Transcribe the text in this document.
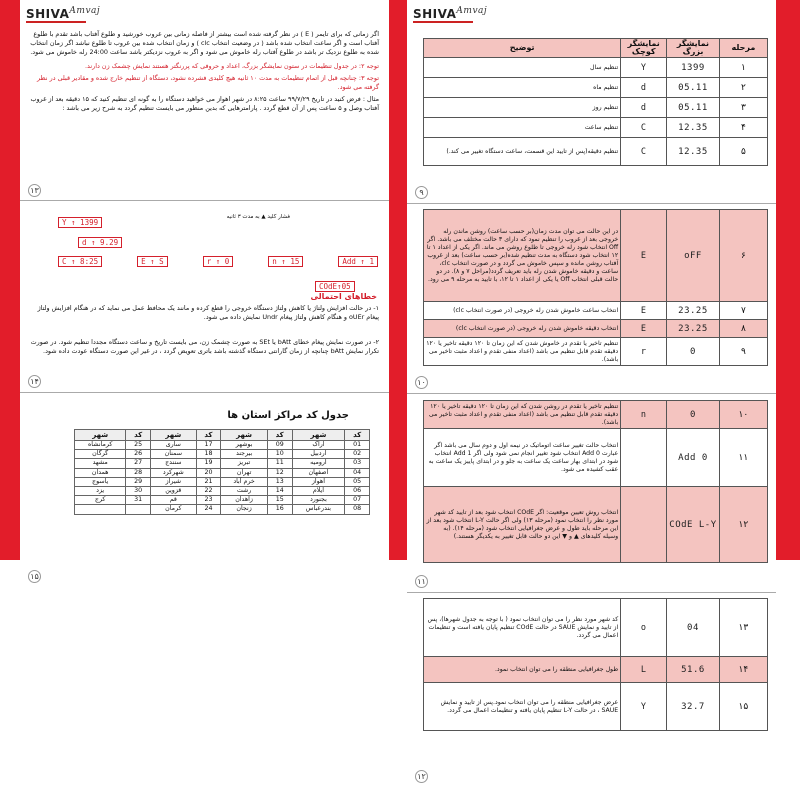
$SHIVA^{Amvaj}$

اگر زمانی که برای تایمر ( E ) در نظر گرفته شده است بیشتر از فاصله زمانی بین غروب خورشید و طلوع آفتاب باشد تقدم با طلوع آفتاب است و اگر ساعت انتخاب شده باشد ( در وضعیت انتخاب clc ) و زمان انتخاب شده بین غروب تا طلوع نباشد اگر زمان انتخاب شده به طلوع نزدیک تر باشد در طلوع آفتاب رله خاموش می شود و اگر به غروب نزدیکتر باشد ساعت 24:00 رله خاموش می شود.

توجه ۲: در جدول تنظیمات در ستون نمایشگر بزرگ، اعداد و حروفی که پررنگتر هستند نمایش چشمک زن دارند.

توجه ۳: چنانچه قبل از اتمام تنظیمات به مدت ۱۰ ثانیه هیچ کلیدی فشرده نشود، دستگاه از تنظیم خارج شده و مقادیر قبلی در نظر گرفته می شود.

مثال : فرض کنید در تاریخ ۹۹/۷/۲۹ ساعت ۸:۲۵ در شهر اهواز می خواهید دستگاه را به گونه ای تنظیم کنید که ۱۵ دقیقه بعد از غروب آفتاب وصل و ۵ ساعت پس از آن قطع گردد . پارامترهایی که بدین منظور می بایست تنظیم گردد به شرح زیر می باشد :

۱۳
فشار کلید ▲ به مدت ۳ ثانیه
Y ↑ 1399
d ↑ 9.29
C ↑ 8:25	E ↑ S	r ↑ 0	n ↑ 15	Add ↑ 1
COdE↑05
خطاهای احتمالی

۱- در حالت افزایش ولتاژ یا کاهش ولتاژ دستگاه خروجی را قطع کرده و مانند یک محافظ عمل می نماید که در هنگام افزایش ولتاژ پیغام oUEr و هنگام کاهش ولتاژ پیغام Undr نمایش داده می شود.

۲- در صورت نمایش پیغام خطای bAtt یا SEt به صورت چشمک زن، می بایست تاریخ و ساعت دستگاه مجددا تنظیم شود. در صورت تکرار نمایش bAtt چنانچه از زمان گارانتی دستگاه گذشته باشد باتری تعویض گردد ، در غیر این صورت دستگاه عودت داده شود.

۱۴
جدول کد مراکز استان ها
شهر	کد	شهر	کد	شهر	کد	شهر	کد
کرمانشاه	25	ساری	17	بوشهر	09	اراک	01
گرگان	26	سمنان	18	بیرجند	10	اردبیل	02
مشهد	27	سنندج	19	تبریز	11	ارومیه	03
همدان	28	شهرکرد	20	تهران	12	اصفهان	04
یاسوج	29	شیراز	21	خرم آباد	13	اهواز	05
یزد	30	قزوین	22	رشت	14	ایلام	06
کرج	31	قم	23	زاهدان	15	بجنورد	07
		کرمان	24	زنجان	16	بندرعباس	08
۱۵
$SHIVA^{Amvaj}$
توضیح	نمایشگر کوچک	نمایشگر بزرگ	مرحله
تنظیم سال	Y	1399	۱
تنظیم ماه	d	05.11	۲
تنظیم روز	d	05.11	۳
تنظیم ساعت	C	12.35	۴
تنظیم دقیقه(پس از تایید این قسمت، ساعت دستگاه تغییر می کند.)	C	12.35	۵
۹
در این حالت می توان مدت زمان(بر حسب ساعت) روشن ماندن رله خروجی بعد از غروب را تنظیم نمود که دارای ۳ حالت مختلف می باشد. اگر Off انتخاب شود رله خروجی تا طلوع روشن می ماند. اگر یکی از اعداد ۱ تا ۱۲ انتخاب شود دستگاه به مدت تنظیم شده(بر حسب ساعت) بعد از غروب آفتاب روشن مانده و سپس خاموش می گردد و در صورت انتخاب clc، ساعت و دقیقه خاموش شدن رله باید تعریف گردد(مراحل ۷ و ۸). در دو حالت قبلی انتخاب Off یا یکی از اعداد ۱ تا ۱۲، با تایید به مرحله ۹ می رود.	E	oFF	۶
انتخاب ساعت خاموش شدن رله خروجی (در صورت انتخاب clc)	E	23.25	۷
انتخاب دقیقه خاموش شدن رله خروجی (در صورت انتخاب clc)	E	23.25	۸
تنظیم تاخیر یا تقدم در خاموش شدن که این زمان تا ۱۲۰ دقیقه تاخیر یا ۱۲۰ دقیقه تقدم قابل تنظیم می باشد (اعداد منفی تقدم و اعداد مثبت تاخیر می باشد).	r	0	۹
۱۰
تنظیم تاخیر یا تقدم در روشن شدن که این زمان تا ۱۲۰ دقیقه تاخیر یا ۱۲۰ دقیقه تقدم قابل تنظیم می باشد (اعداد منفی تقدم و اعداد مثبت تاخیر می باشد).	n	0	۱۰
انتخاب حالت تغییر ساعت اتوماتیک در نیمه اول و دوم سال می باشد اگر عبارت Add 0 انتخاب شود تغییر انجام نمی شود ولی اگر Add 1 انتخاب شود در ابتدای بهار ساعت یک ساعت به جلو و در ابتدای پاییز یک ساعت به عقب کشیده می شود.		Add 0	۱۱
انتخاب روش تعیین موقعیت: اگر COdE انتخاب شود بعد از تایید کد شهر مورد نظر را انتخاب نمود (مرحله ۱۳) ولی اگر حالت L-Y انتخاب شود بعد از این مرحله باید طول و عرض جغرافیایی انتخاب شود (مرحله ۱۴). (به وسیله کلیدهای ▲ و ▼ این دو حالت قابل تغییر به یکدیگر هستند.)		COdE L-Y	۱۲
۱۱
کد شهر مورد نظر را می توان انتخاب نمود ( با توجه به جدول شهرها)، پس از تایید و نمایش SAUE در حالت COdE تنظیم پایان یافته است و تنظیمات اعمال می گردد.	o	04	۱۳
طول جغرافیایی منطقه را می توان انتخاب نمود.	L	51.6	۱۴
عرض جغرافیایی منطقه را می توان انتخاب نمود.پس از تایید و نمایش SAUE ، در حالت L-Y تنظیم پایان یافته و تنظیمات اعمال می گردد.	Y	32.7	۱۵
۱۲
